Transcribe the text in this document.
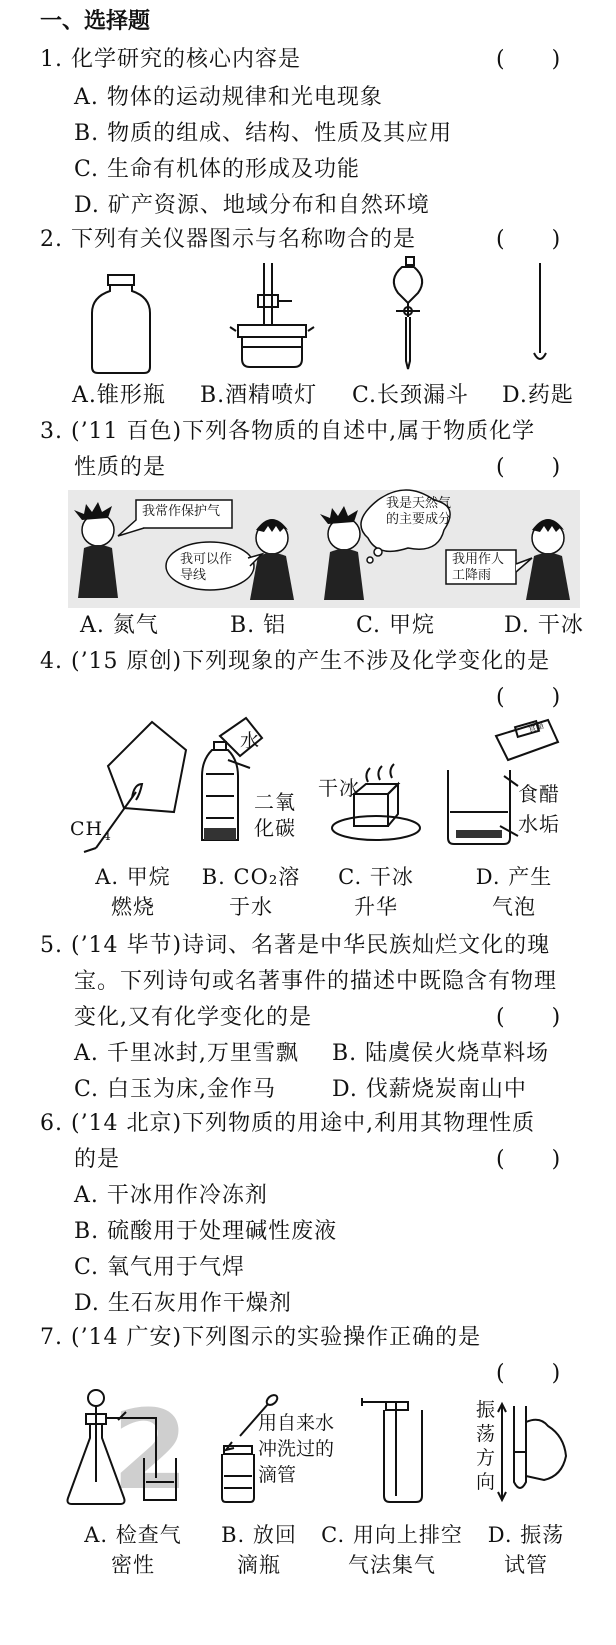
一、选择题
1. 化学研究的核心内容是	(　　)
A. 物体的运动规律和光电现象
B. 物质的组成、结构、性质及其应用
C. 生命有机体的形成及功能
D. 矿产资源、地域分布和自然环境
2. 下列有关仪器图示与名称吻合的是	(　　)
A.锥形瓶 B.酒精喷灯 C.长颈漏斗 D.药匙
3. (’11 百色)下列各物质的自述中,属于物质化学
性质的是	(　　)
我常作保护气
我可以作导线
我是天然气的主要成分
我用作人工降雨
A. 氮气	B. 铝	C. 甲烷	D. 干冰
4. (’15 原创)下列现象的产生不涉及化学变化的是
(　　)
$CH_4$
水
二氧
化碳
干冰	食醋
水垢
食醋
A. 甲烷
燃烧
B. CO₂溶
于水
C. 干冰
升华
D. 产生
气泡
5. (’14 毕节)诗词、名著是中华民族灿烂文化的瑰
宝。下列诗句或名著事件的描述中既隐含有物理
变化,又有化学变化的是	(　　)
A. 千里冰封,万里雪飘 B. 陆虞侯火烧草料场
C. 白玉为床,金作马	D. 伐薪烧炭南山中
6. (’14 北京)下列物质的用途中,利用其物理性质
的是	(　　)
A. 干冰用作冷冻剂
B. 硫酸用于处理碱性废液
C. 氧气用于气焊
D. 生石灰用作干燥剂
7. (’14 广安)下列图示的实验操作正确的是
(　　)
2	用自来水
冲洗过的
滴管
振荡方向
A. 检查气
密性
B. 放回
滴瓶
C. 用向上排空
气法集气
D. 振荡
试管
